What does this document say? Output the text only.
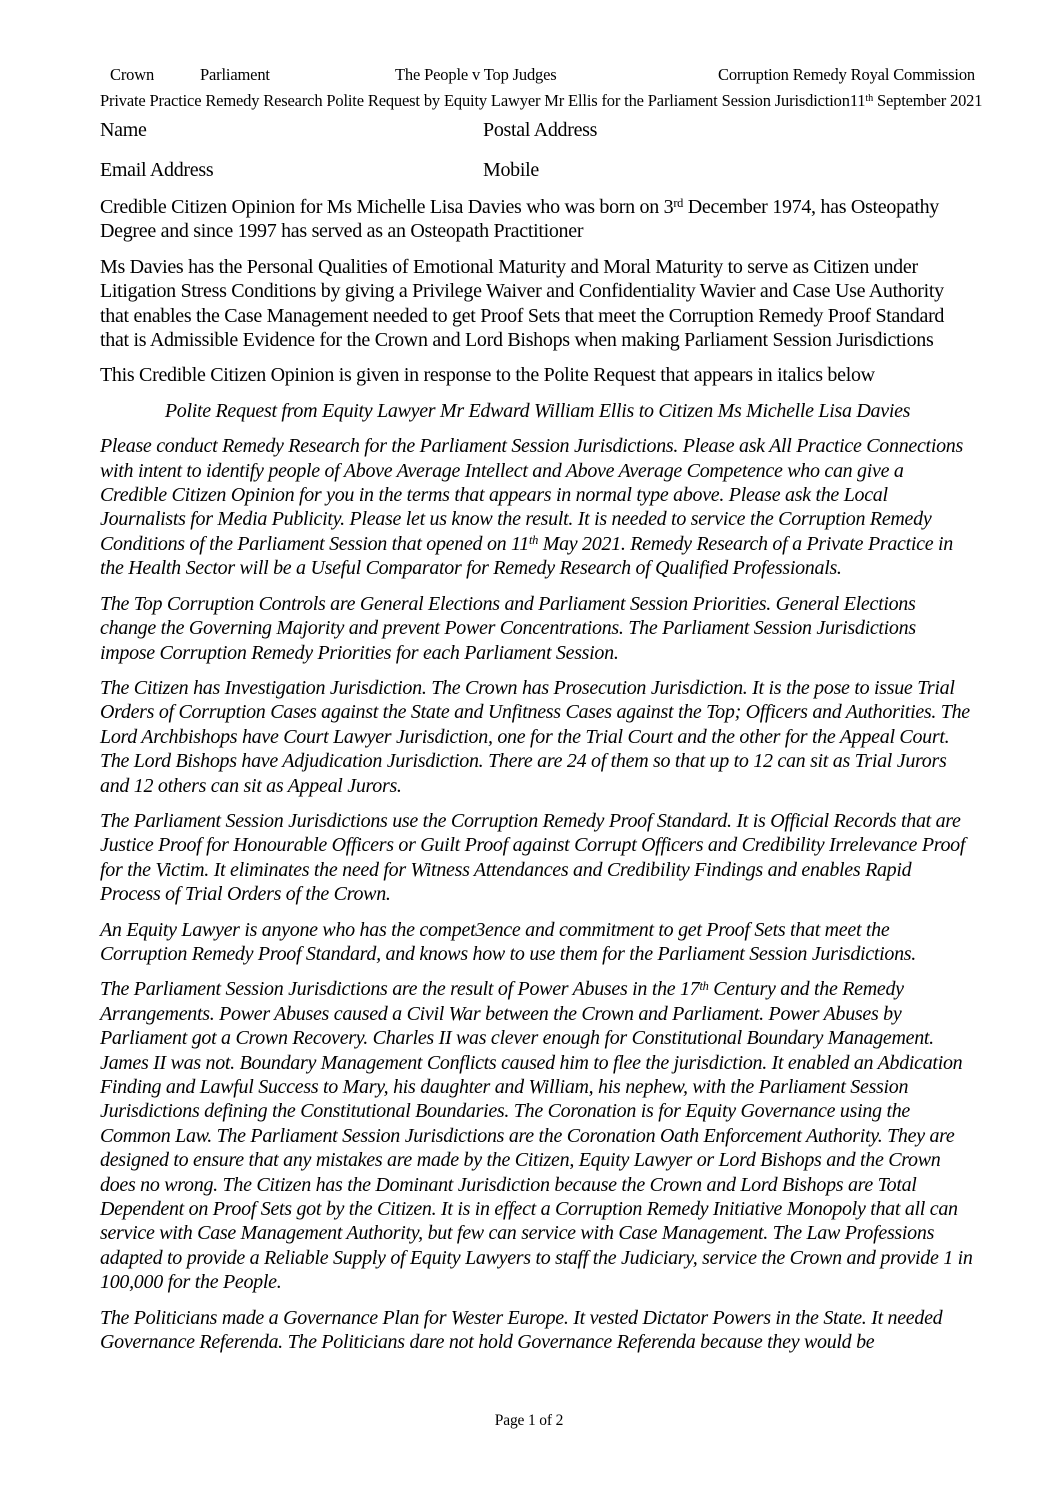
Crown	Parliament	The People v Top Judges	Corruption Remedy Royal Commission
Private Practice Remedy Research Polite Request by Equity Lawyer Mr Ellis for the Parliament Session Jurisdiction 11th September 2021
Name	Postal Address
Email Address	Mobile

Credible Citizen Opinion for Ms Michelle Lisa Davies who was born on 3rd December 1974, has Osteopathy Degree and since 1997 has served as an Osteopath Practitioner

Ms Davies has the Personal Qualities of Emotional Maturity and Moral Maturity to serve as Citizen under Litigation Stress Conditions by giving a Privilege Waiver and Confidentiality Wavier and Case Use Authority that enables the Case Management needed to get Proof Sets that meet the Corruption Remedy Proof Standard that is Admissible Evidence for the Crown and Lord Bishops when making Parliament Session Jurisdictions

This Credible Citizen Opinion is given in response to the Polite Request that appears in italics below

Polite Request from Equity Lawyer Mr Edward William Ellis to Citizen Ms Michelle Lisa Davies

Please conduct Remedy Research for the Parliament Session Jurisdictions. Please ask All Practice Connections with intent to identify people of Above Average Intellect and Above Average Competence who can give a Credible Citizen Opinion for you in the terms that appears in normal type above. Please ask the Local Journalists for Media Publicity. Please let us know the result. It is needed to service the Corruption Remedy Conditions of the Parliament Session that opened on 11th May 2021. Remedy Research of a Private Practice in the Health Sector will be a Useful Comparator for Remedy Research of Qualified Professionals.

The Top Corruption Controls are General Elections and Parliament Session Priorities. General Elections change the Governing Majority and prevent Power Concentrations. The Parliament Session Jurisdictions impose Corruption Remedy Priorities for each Parliament Session.

The Citizen has Investigation Jurisdiction. The Crown has Prosecution Jurisdiction. It is the pose to issue Trial Orders of Corruption Cases against the State and Unfitness Cases against the Top; Officers and Authorities. The Lord Archbishops have Court Lawyer Jurisdiction, one for the Trial Court and the other for the Appeal Court. The Lord Bishops have Adjudication Jurisdiction. There are 24 of them so that up to 12 can sit as Trial Jurors and 12 others can sit as Appeal Jurors.

The Parliament Session Jurisdictions use the Corruption Remedy Proof Standard. It is Official Records that are Justice Proof for Honourable Officers or Guilt Proof against Corrupt Officers and Credibility Irrelevance Proof for the Victim. It eliminates the need for Witness Attendances and Credibility Findings and enables Rapid Process of Trial Orders of the Crown.

An Equity Lawyer is anyone who has the compet3ence and commitment to get Proof Sets that meet the Corruption Remedy Proof Standard, and knows how to use them for the Parliament Session Jurisdictions.

The Parliament Session Jurisdictions are the result of Power Abuses in the 17th Century and the Remedy Arrangements. Power Abuses caused a Civil War between the Crown and Parliament. Power Abuses by Parliament got a Crown Recovery. Charles II was clever enough for Constitutional Boundary Management. James II was not. Boundary Management Conflicts caused him to flee the jurisdiction. It enabled an Abdication Finding and Lawful Success to Mary, his daughter and William, his nephew, with the Parliament Session Jurisdictions defining the Constitutional Boundaries. The Coronation is for Equity Governance using the Common Law. The Parliament Session Jurisdictions are the Coronation Oath Enforcement Authority. They are designed to ensure that any mistakes are made by the Citizen, Equity Lawyer or Lord Bishops and the Crown does no wrong. The Citizen has the Dominant Jurisdiction because the Crown and Lord Bishops are Total Dependent on Proof Sets got by the Citizen. It is in effect a Corruption Remedy Initiative Monopoly that all can service with Case Management Authority, but few can service with Case Management. The Law Professions adapted to provide a Reliable Supply of Equity Lawyers to staff the Judiciary, service the Crown and provide 1 in 100,000 for the People.

The Politicians made a Governance Plan for Wester Europe. It vested Dictator Powers in the State. It needed Governance Referenda. The Politicians dare not hold Governance Referenda because they would be

Page 1 of 2
